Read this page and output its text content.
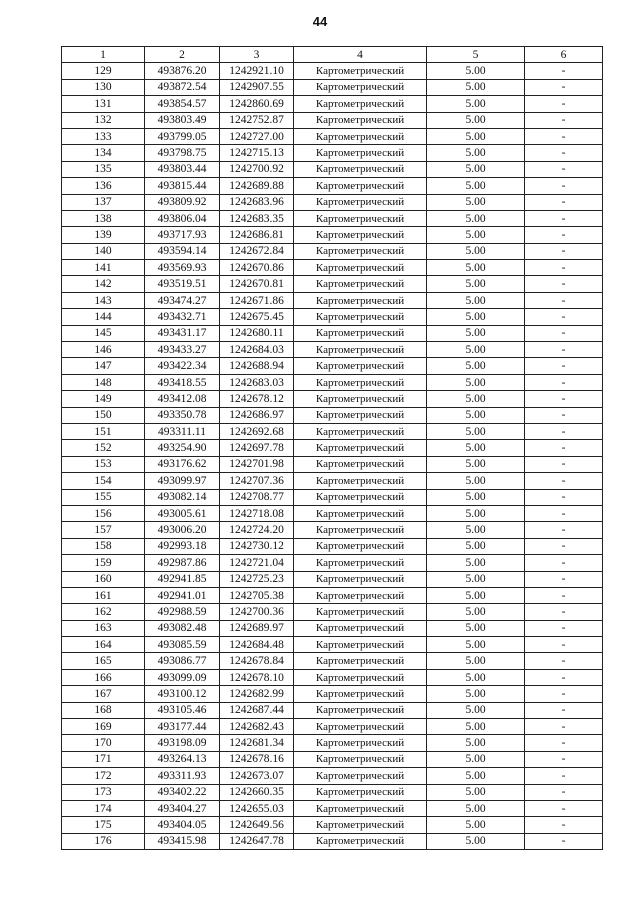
44
1	2	3	4	5	6
129	493876.20	1242921.10	Картометрический	5.00	-
130	493872.54	1242907.55	Картометрический	5.00	-
131	493854.57	1242860.69	Картометрический	5.00	-
132	493803.49	1242752.87	Картометрический	5.00	-
133	493799.05	1242727.00	Картометрический	5.00	-
134	493798.75	1242715.13	Картометрический	5.00	-
135	493803.44	1242700.92	Картометрический	5.00	-
136	493815.44	1242689.88	Картометрический	5.00	-
137	493809.92	1242683.96	Картометрический	5.00	-
138	493806.04	1242683.35	Картометрический	5.00	-
139	493717.93	1242686.81	Картометрический	5.00	-
140	493594.14	1242672.84	Картометрический	5.00	-
141	493569.93	1242670.86	Картометрический	5.00	-
142	493519.51	1242670.81	Картометрический	5.00	-
143	493474.27	1242671.86	Картометрический	5.00	-
144	493432.71	1242675.45	Картометрический	5.00	-
145	493431.17	1242680.11	Картометрический	5.00	-
146	493433.27	1242684.03	Картометрический	5.00	-
147	493422.34	1242688.94	Картометрический	5.00	-
148	493418.55	1242683.03	Картометрический	5.00	-
149	493412.08	1242678.12	Картометрический	5.00	-
150	493350.78	1242686.97	Картометрический	5.00	-
151	493311.11	1242692.68	Картометрический	5.00	-
152	493254.90	1242697.78	Картометрический	5.00	-
153	493176.62	1242701.98	Картометрический	5.00	-
154	493099.97	1242707.36	Картометрический	5.00	-
155	493082.14	1242708.77	Картометрический	5.00	-
156	493005.61	1242718.08	Картометрический	5.00	-
157	493006.20	1242724.20	Картометрический	5.00	-
158	492993.18	1242730.12	Картометрический	5.00	-
159	492987.86	1242721.04	Картометрический	5.00	-
160	492941.85	1242725.23	Картометрический	5.00	-
161	492941.01	1242705.38	Картометрический	5.00	-
162	492988.59	1242700.36	Картометрический	5.00	-
163	493082.48	1242689.97	Картометрический	5.00	-
164	493085.59	1242684.48	Картометрический	5.00	-
165	493086.77	1242678.84	Картометрический	5.00	-
166	493099.09	1242678.10	Картометрический	5.00	-
167	493100.12	1242682.99	Картометрический	5.00	-
168	493105.46	1242687.44	Картометрический	5.00	-
169	493177.44	1242682.43	Картометрический	5.00	-
170	493198.09	1242681.34	Картометрический	5.00	-
171	493264.13	1242678.16	Картометрический	5.00	-
172	493311.93	1242673.07	Картометрический	5.00	-
173	493402.22	1242660.35	Картометрический	5.00	-
174	493404.27	1242655.03	Картометрический	5.00	-
175	493404.05	1242649.56	Картометрический	5.00	-
176	493415.98	1242647.78	Картометрический	5.00	-
